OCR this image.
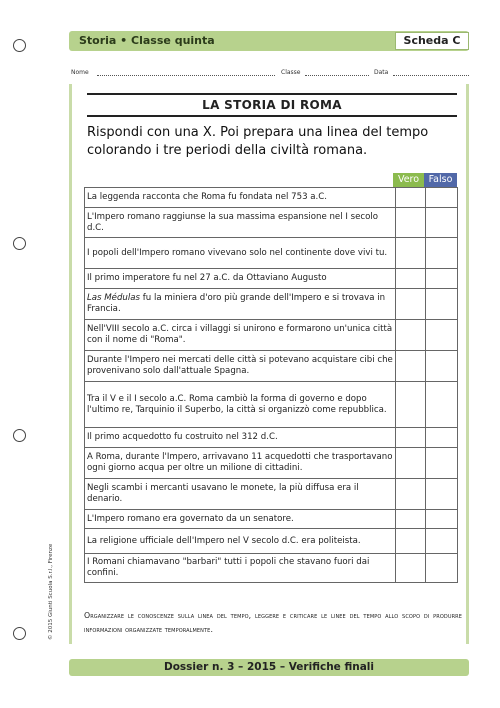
Storia • Classe quinta	Scheda C
Nome	Classe	Data
LA STORIA DI ROMA
Rispondi con una X. Poi prepara una linea del tempo colorando i tre periodi della civiltà romana.
Vero	Falso
La leggenda racconta che Roma fu fondata nel 753 a.C.		
L'Impero romano raggiunse la sua massima espansione nel I secolo d.C.		
I popoli dell'Impero romano vivevano solo nel continente dove vivi tu.		
Il primo imperatore fu nel 27 a.C. da Ottaviano Augusto		
Las Médulas fu la miniera d'oro più grande dell'Impero e si trovava in Francia.		
Nell'VIII secolo a.C. circa i villaggi si unirono e formarono un'unica città con il nome di "Roma".		
Durante l'Impero nei mercati delle città si potevano acquistare cibi che provenivano solo dall'attuale Spagna.		
Tra il V e il I secolo a.C. Roma cambiò la forma di governo e dopo l'ultimo re, Tarquinio il Superbo, la città si organizzò come repubblica.		
Il primo acquedotto fu costruito nel 312 d.C.		
A Roma, durante l'Impero, arrivavano 11 acquedotti che trasportavano ogni giorno acqua per oltre un milione di cittadini.		
Negli scambi i mercanti usavano le monete, la più diffusa era il denario.		
L'Impero romano era governato da un senatore.		
La religione ufficiale dell'Impero nel V secolo d.C. era politeista.		
I Romani chiamavano "barbari" tutti i popoli che stavano fuori dai confini.		
Organizzare le conoscenze sulla linea del tempo, leggere e criticare le linee del tempo allo scopo di produrre informazioni organizzate temporalmente.
© 2015 Giunti Scuola S.r.l., Firenze
Dossier n. 3 – 2015 – Verifiche finali
